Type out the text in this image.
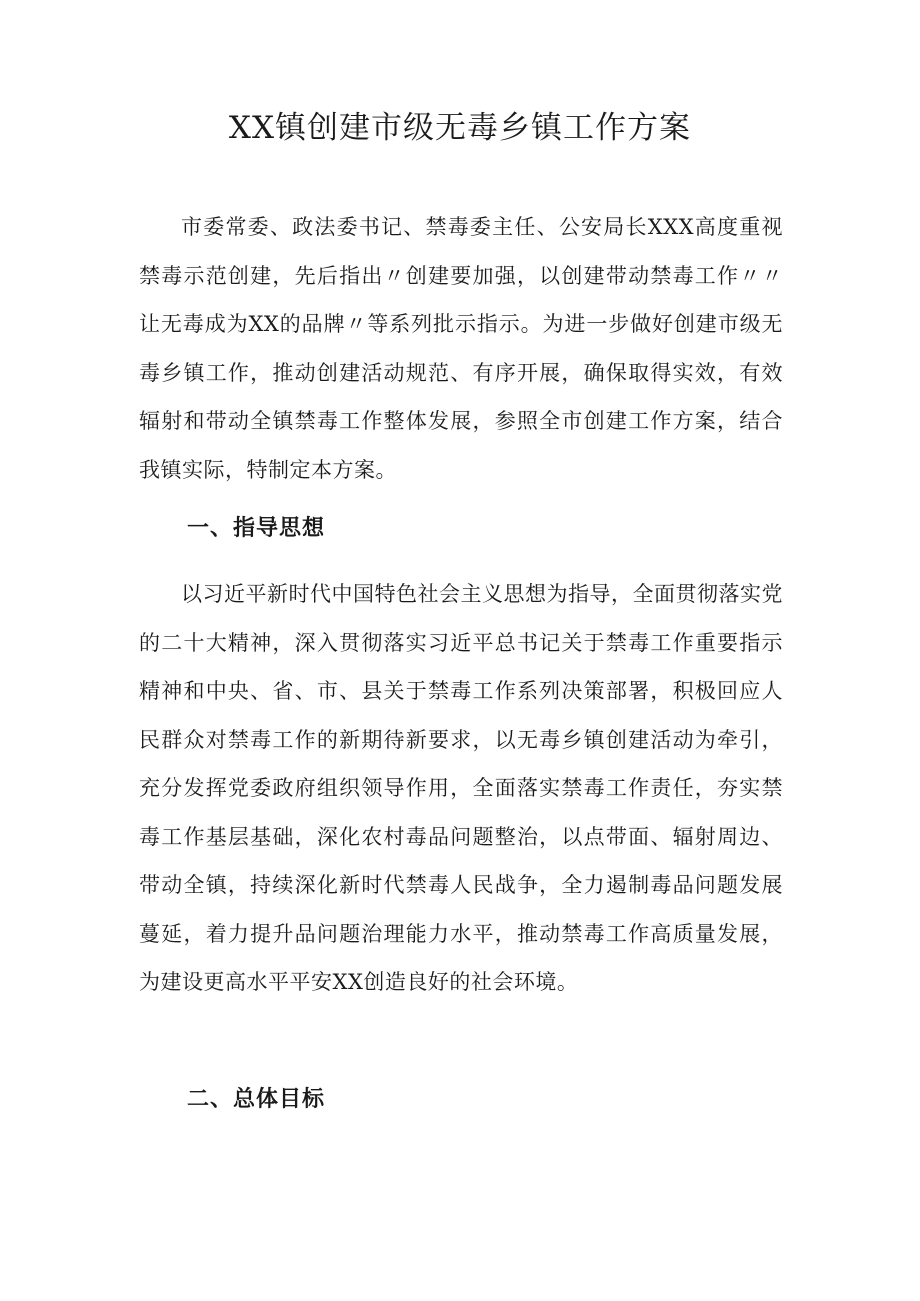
XX镇创建市级无毒乡镇工作方案

市委常委、政法委书记、禁毒委主任、公安局长XXX高度重视禁毒示范创建，先后指出〃创建要加强，以创建带动禁毒工作〃〃让无毒成为XX的品牌〃等系列批示指示。为进一步做好创建市级无毒乡镇工作，推动创建活动规范、有序开展，确保取得实效，有效辐射和带动全镇禁毒工作整体发展，参照全市创建工作方案，结合我镇实际，特制定本方案。

一、指导思想

以习近平新时代中国特色社会主义思想为指导，全面贯彻落实党的二十大精神，深入贯彻落实习近平总书记关于禁毒工作重要指示精神和中央、省、市、县关于禁毒工作系列决策部署，积极回应人民群众对禁毒工作的新期待新要求，以无毒乡镇创建活动为牵引，充分发挥党委政府组织领导作用，全面落实禁毒工作责任，夯实禁毒工作基层基础，深化农村毒品问题整治，以点带面、辐射周边、带动全镇，持续深化新时代禁毒人民战争，全力遏制毒品问题发展蔓延，着力提升品问题治理能力水平，推动禁毒工作高质量发展，为建设更高水平平安XX创造良好的社会环境。

二、总体目标
